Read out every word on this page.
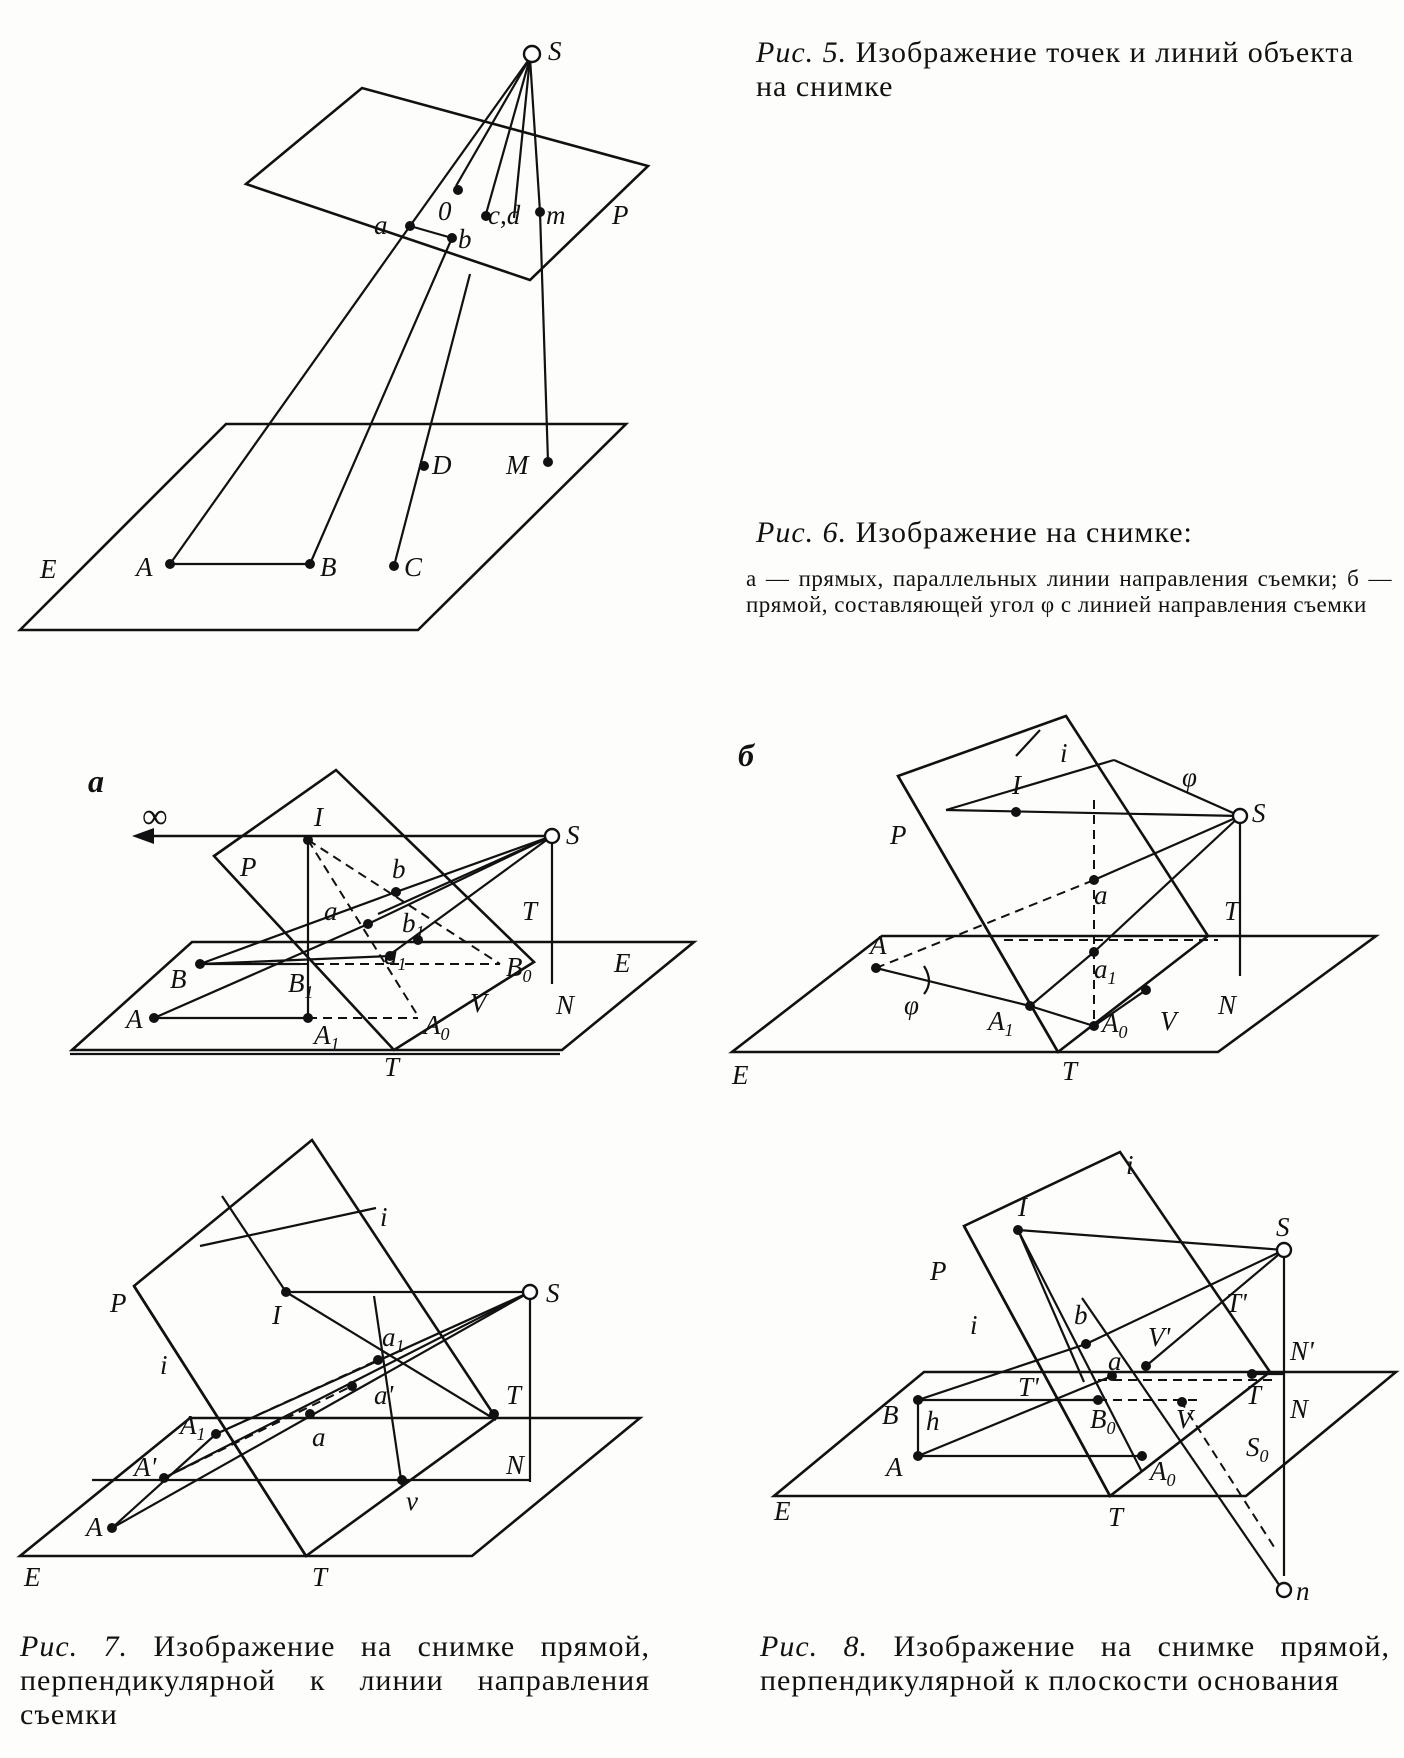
S
0 c,d m
a	b
P
D M
E	A	B	C
а
∞	I
S
P	b
a $b_1$
T
$a_1$
B	$B_1$
$B_0$	E
A
$A_1$
$A_0$
V	N
T
б	i
φ
I
S
P
a
T
A
$a_1$
φ
$A_1$	$A_0$ V
N
E	T
i
S
P	I
$a_1$
i
a'	T
$A_1$	a
A'	N
v
A
E	T
i
S
I
P
T'
i	b
V'
a	N'
B h
T'
$B_0$
T N
V
$S_0$
A	$A_0$
E	T
n
Рис. 5. Изображение точек и линий объекта на снимке
Рис. 6. Изображение на снимке:
а — прямых, параллельных линии направления съемки; б — прямой, составляющей угол φ с линией направления съемки
Рис. 7. Изображение на снимке прямой, перпендикулярной к линии направления съемки
Рис. 8. Изображение на снимке прямой, перпендикулярной к плоскости основания
